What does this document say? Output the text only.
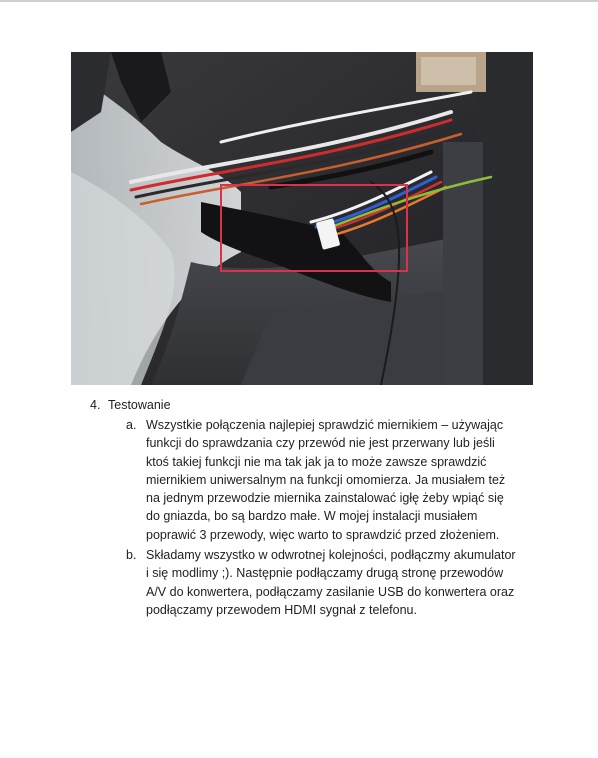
4. Testowanie
a. Wszystkie połączenia najlepiej sprawdzić miernikiem – używając
funkcji do sprawdzania czy przewód nie jest przerwany lub jeśli
ktoś takiej funkcji nie ma tak jak ja to może zawsze sprawdzić
miernikiem uniwersalnym na funkcji omomierza. Ja musiałem też
na jednym przewodzie miernika zainstalować igłę żeby wpiąć się
do gniazda, bo są bardzo małe. W mojej instalacji musiałem
poprawić 3 przewody, więc warto to sprawdzić przed złożeniem.
b. Składamy wszystko w odwrotnej kolejności, podłączmy akumulator
i się modlimy ;). Następnie podłączamy drugą stronę przewodów
A/V do konwertera, podłączamy zasilanie USB do konwertera oraz
podłączamy przewodem HDMI sygnał z telefonu.
